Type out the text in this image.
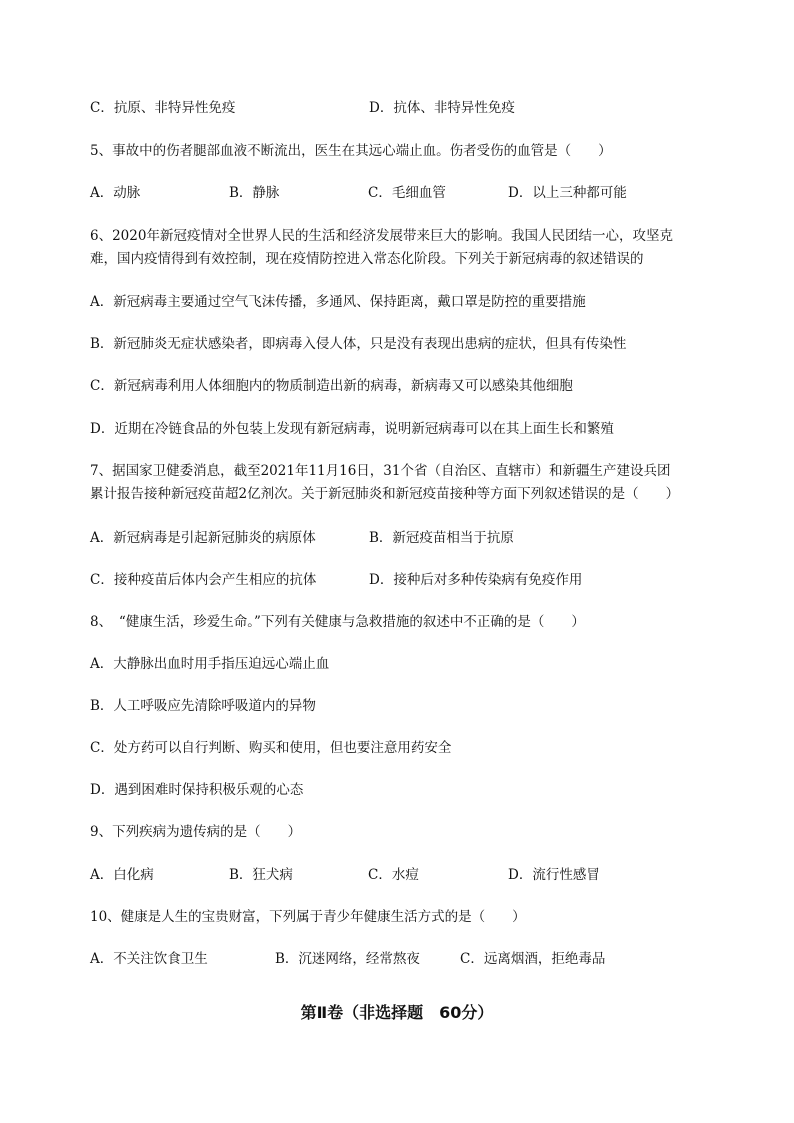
C．抗原、非特异性免疫	D．抗体、非特异性免疫
5、事故中的伤者腿部血液不断流出，医生在其远心端止血。伤者受伤的血管是（　　）
A．动脉	B．静脉	C．毛细血管	D．以上三种都可能
6、2020年新冠疫情对全世界人民的生活和经济发展带来巨大的影响。我国人民团结一心，攻坚克
难，国内疫情得到有效控制，现在疫情防控进入常态化阶段。下列关于新冠病毒的叙述错误的
A．新冠病毒主要通过空气飞沫传播，多通风、保持距离，戴口罩是防控的重要措施
B．新冠肺炎无症状感染者，即病毒入侵人体，只是没有表现出患病的症状，但具有传染性
C．新冠病毒利用人体细胞内的物质制造出新的病毒，新病毒又可以感染其他细胞
D．近期在冷链食品的外包装上发现有新冠病毒，说明新冠病毒可以在其上面生长和繁殖
7、据国家卫健委消息，截至2021年11月16日，31个省（自治区、直辖市）和新疆生产建设兵团
累计报告接种新冠疫苗超2亿剂次。关于新冠肺炎和新冠疫苗接种等方面下列叙述错误的是（　　）
A．新冠病毒是引起新冠肺炎的病原体	B．新冠疫苗相当于抗原
C．接种疫苗后体内会产生相应的抗体	D．接种后对多种传染病有免疫作用
8、　“健康生活，珍爱生命。”下列有关健康与急救措施的叙述中不正确的是（　　）
A．大静脉出血时用手指压迫远心端止血
B．人工呼吸应先清除呼吸道内的异物
C．处方药可以自行判断、购买和使用，但也要注意用药安全
D．遇到困难时保持积极乐观的心态
9、下列疾病为遗传病的是（　　）
A．白化病	B．狂犬病	C．水痘	D．流行性感冒
10、健康是人生的宝贵财富，下列属于青少年健康生活方式的是（　　）
A．不关注饮食卫生	B．沉迷网络，经常熬夜	C．远离烟酒，拒绝毒品
第Ⅱ卷（非选择题　60分）
